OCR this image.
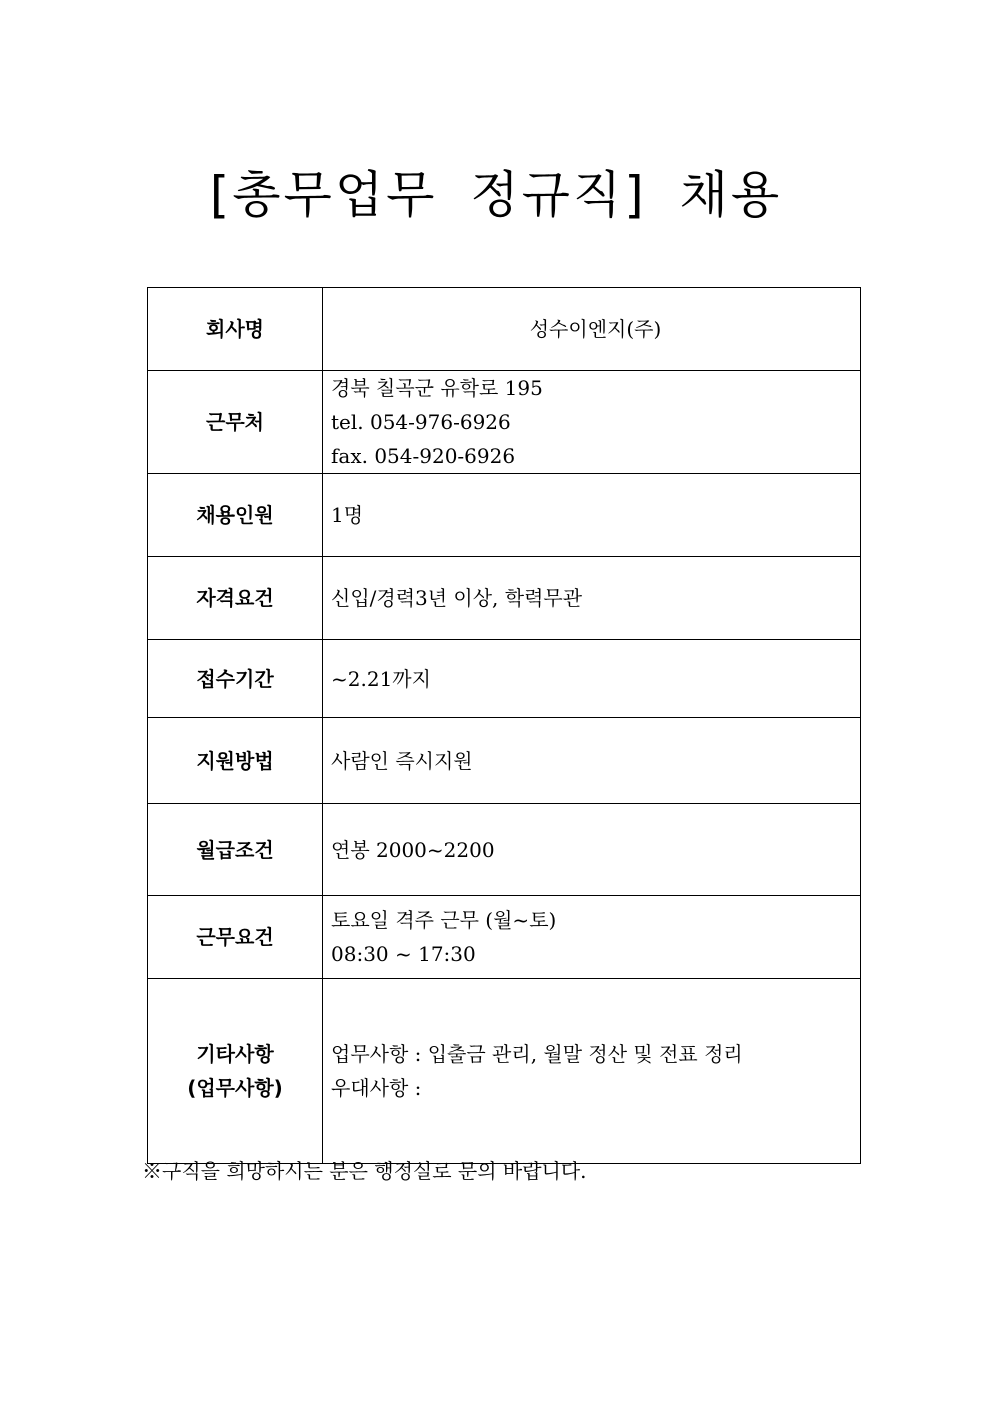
[총무업무 정규직] 채용
회사명	성수이엔지(주)

근무처	경북 칠곡군 유학로 195
tel. 054-976-6926
fax. 054-920-6926

채용인원	1명

자격요건	신입/경력3년 이상, 학력무관

접수기간	~2.21까지

지원방법	사람인 즉시지원

월급조건	연봉 2000~2200

근무요건	토요일 격주 근무 (월~토)
08:30 ~ 17:30

기타사항
(업무사항)	업무사항 : 입출금 관리, 월말 정산 및 전표 정리
우대사항 :
※구직을 희망하시는 분은 행정실로 문의 바랍니다.
